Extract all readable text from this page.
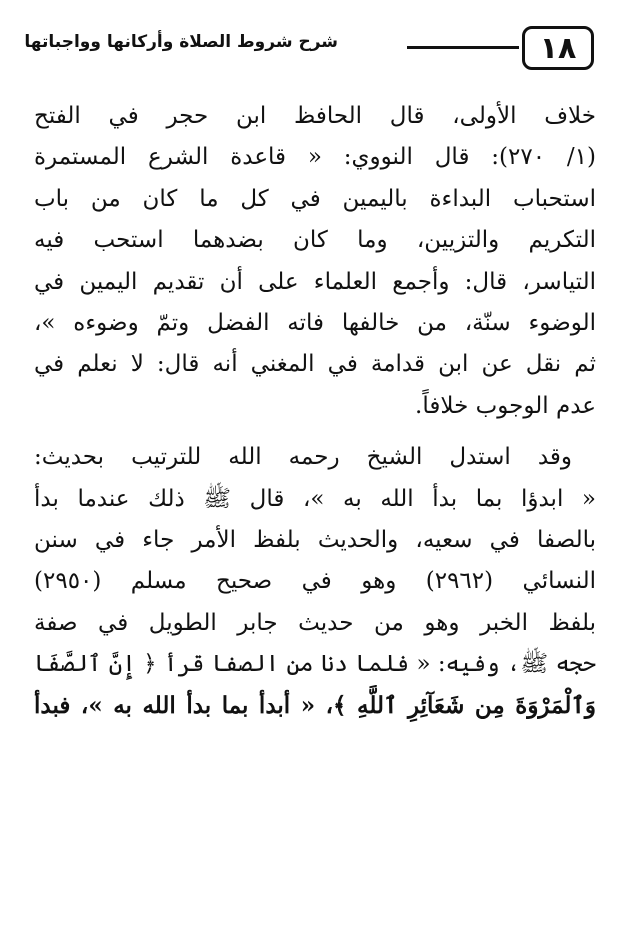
١٨
شرح شروط الصلاة وأركانها وواجباتها
خلاف الأولى، قال الحافظ ابن حجر في الفتح
(١/ ٢٧٠): قال النووي: « قاعدة الشرع المستمرة
استحباب البداءة باليمين في كل ما كان من باب
التكريم والتزيين، وما كان بضدهما استحب فيه
التياسر، قال: وأجمع العلماء على أن تقديم اليمين في
الوضوء سنّة، من خالفها فاته الفضل وتمّ وضوءه »،
ثم نقل عن ابن قدامة في المغني أنه قال: لا نعلم في
عدم الوجوب خلافاً.
وقد استدل الشيخ رحمه الله للترتيب بحديث:
« ابدؤا بما بدأ الله به »، قال ﷺ ذلك عندما بدأ
بالصفا في سعيه، والحديث بلفظ الأمر جاء في سنن
النسائي (٢٩٦٢) وهو في صحيح مسلم (٢٩٥٠)
بلفظ الخبر وهو من حديث جابر الطويل في صفة
حجه ﷺ، وفيه: « فلما دنا من الصفا قرأ ﴿ إِنَّ ٱلصَّفَا
وَٱلْمَرْوَةَ مِن شَعَآئِرِ ٱللَّهِ ﴾، « أبدأ بما بدأ الله به »، فبدأ
